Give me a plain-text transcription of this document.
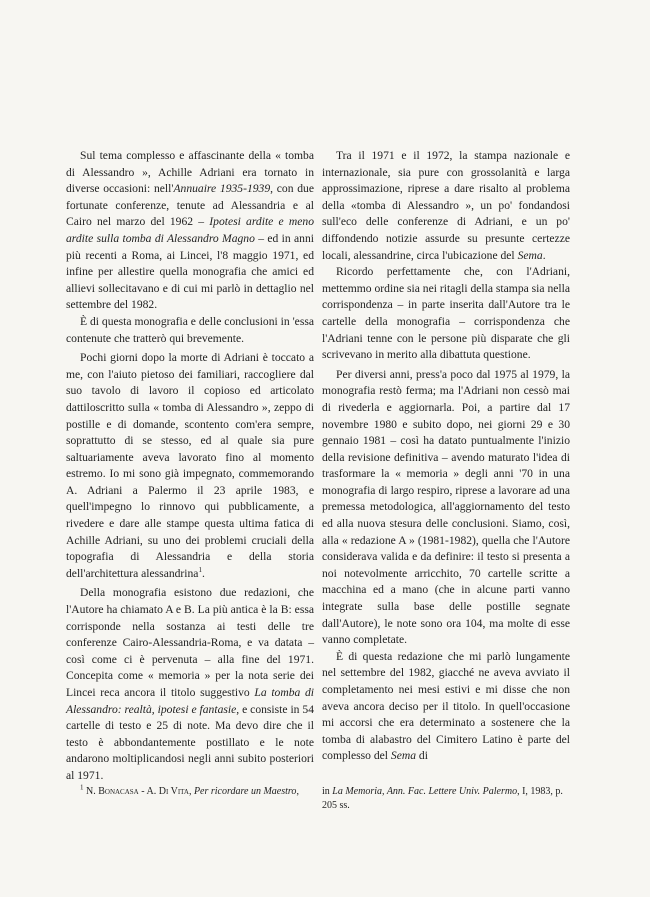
Sul tema complesso e affascinante della « tomba di Alessandro », Achille Adriani era tornato in diverse occasioni: nell'Annuaire 1935-1939, con due fortunate conferenze, tenute ad Alessandria e al Cairo nel marzo del 1962 – Ipotesi ardite e meno ardite sulla tomba di Alessandro Magno – ed in anni più recenti a Roma, ai Lincei, l'8 maggio 1971, ed infine per allestire quella monografia che amici ed allievi sollecitavano e di cui mi parlò in dettaglio nel settembre del 1982.

È di questa monografia e delle conclusioni in 'essa contenute che tratterò qui brevemente.

Pochi giorni dopo la morte di Adriani è toccato a me, con l'aiuto pietoso dei familiari, raccogliere dal suo tavolo di lavoro il copioso ed articolato dattiloscritto sulla « tomba di Alessandro », zeppo di postille e di domande, scontento com'era sempre, soprattutto di se stesso, ed al quale sia pure saltuariamente aveva lavorato fino al momento estremo. Io mi sono già impegnato, commemorando A. Adriani a Palermo il 23 aprile 1983, e quell'impegno lo rinnovo qui pubblicamente, a rivedere e dare alle stampe questa ultima fatica di Achille Adriani, su uno dei problemi cruciali della topografia di Alessandria e della storia dell'architettura alessandrina$^1$.

Della monografia esistono due redazioni, che l'Autore ha chiamato A e B. La più antica è la B: essa corrisponde nella sostanza ai testi delle tre conferenze Cairo-Alessandria-Roma, e va datata – così come ci è pervenuta – alla fine del 1971. Concepita come « memoria » per la nota serie dei Lincei reca ancora il titolo suggestivo La tomba di Alessandro: realtà, ipotesi e fantasie, e consiste in 54 cartelle di testo e 25 di note. Ma devo dire che il testo è abbondantemente postillato e le note andarono moltiplicandosi negli anni subito posteriori al 1971.

Tra il 1971 e il 1972, la stampa nazionale e internazionale, sia pure con grossolanità e larga approssimazione, riprese a dare risalto al problema della «tomba di Alessandro », un po' fondandosi sull'eco delle conferenze di Adriani, e un po' diffondendo notizie assurde su presunte certezze locali, alessandrine, circa l'ubicazione del Sema.

Ricordo perfettamente che, con l'Adriani, mettemmo ordine sia nei ritagli della stampa sia nella corrispondenza – in parte inserita dall'Autore tra le cartelle della monografia – corrispondenza che l'Adriani tenne con le persone più disparate che gli scrivevano in merito alla dibattuta questione.

Per diversi anni, press'a poco dal 1975 al 1979, la monografia restò ferma; ma l'Adriani non cessò mai di rivederla e aggiornarla. Poi, a partire dal 17 novembre 1980 e subito dopo, nei giorni 29 e 30 gennaio 1981 – così ha datato puntualmente l'inizio della revisione definitiva – avendo maturato l'idea di trasformare la « memoria » degli anni '70 in una monografia di largo respiro, riprese a lavorare ad una premessa metodologica, all'aggiornamento del testo ed alla nuova stesura delle conclusioni. Siamo, così, alla « redazione A » (1981-1982), quella che l'Autore considerava valida e da definire: il testo si presenta a noi notevolmente arricchito, 70 cartelle scritte a macchina ed a mano (che in alcune parti vanno integrate sulla base delle postille segnate dall'Autore), le note sono ora 104, ma molte di esse vanno completate.

È di questa redazione che mi parlò lungamente nel settembre del 1982, giacché ne aveva avviato il completamento nei mesi estivi e mi disse che non aveva ancora deciso per il titolo. In quell'occasione mi accorsi che era determinato a sostenere che la tomba di alabastro del Cimitero Latino è parte del complesso del Sema di

$^1$ N. Bonacasa - A. Di Vita, Per ricordare un Maestro,	in La Memoria, Ann. Fac. Lettere Univ. Palermo, I, 1983, p. 205 ss.
